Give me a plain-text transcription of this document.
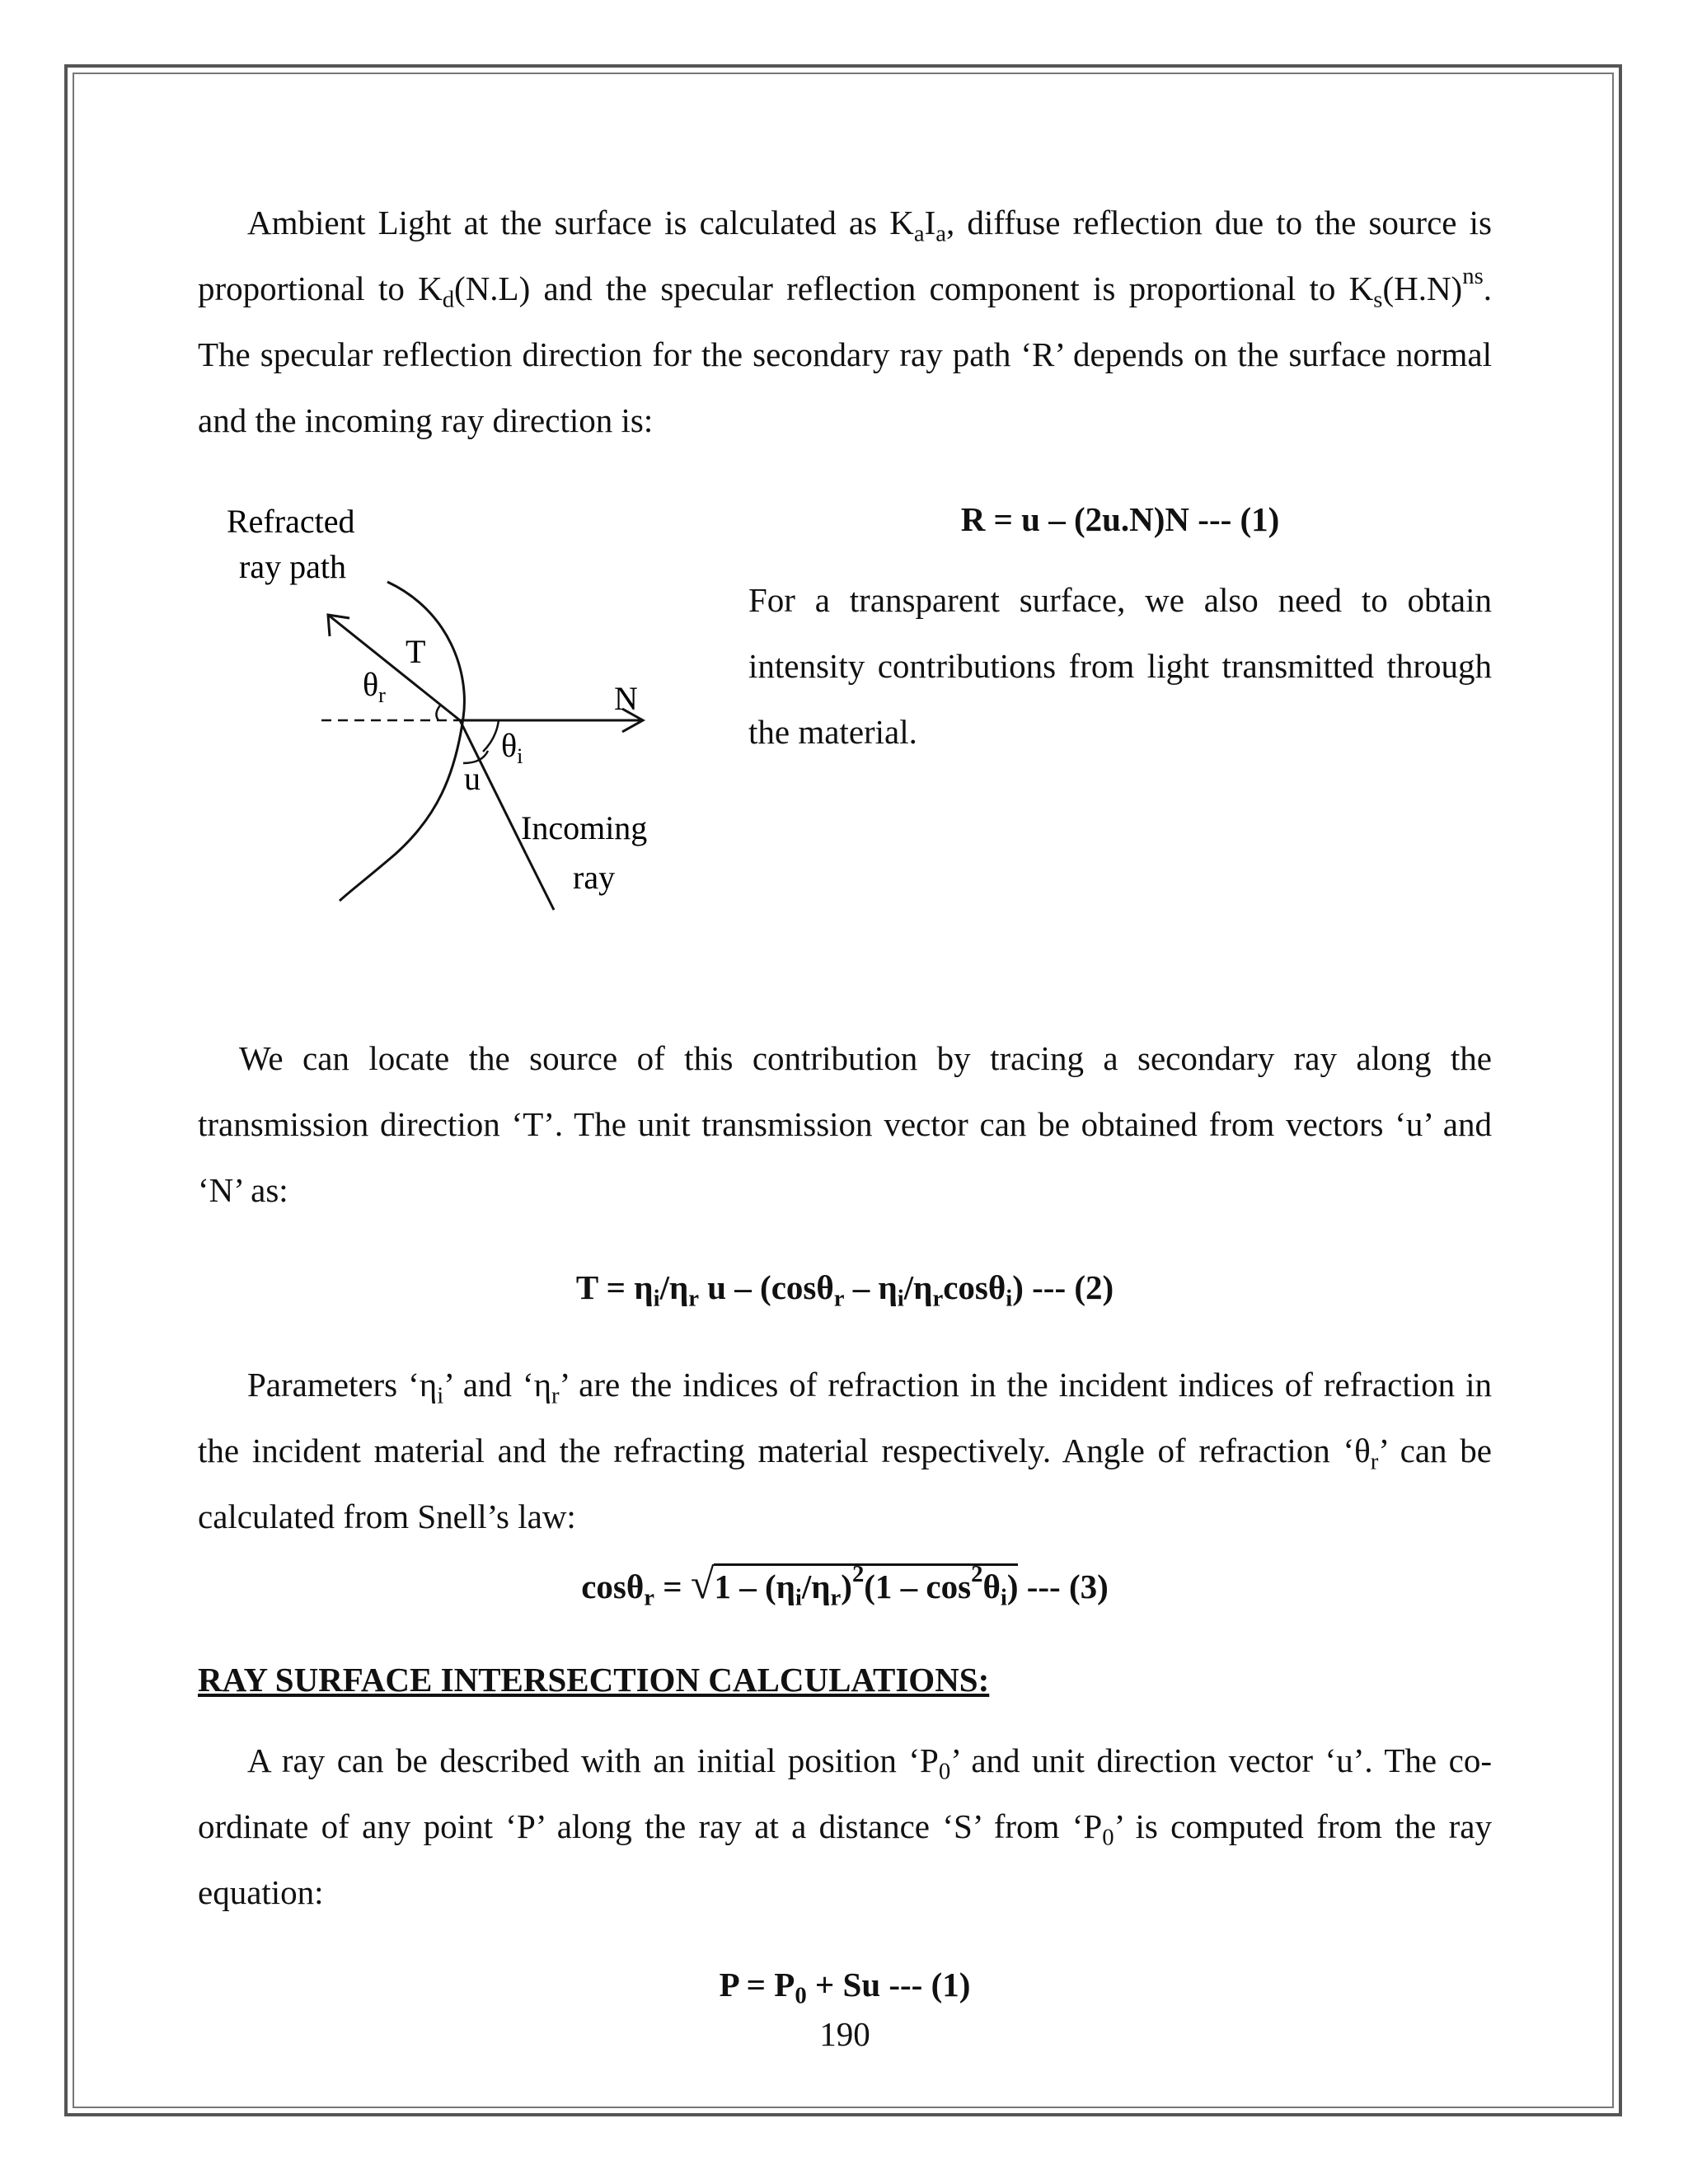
Ambient Light at the surface is calculated as $K_aI_a$, diffuse reflection due to the source is proportional to $K_d(N.L)$ and the specular reflection component is proportional to $K_s(H.N)^{ns}$. The specular reflection direction for the secondary ray path ‘R’ depends on the surface normal and the incoming ray direction is:

Refracted
ray path
T
$\theta_r$	N
$\theta_i$
u
Incoming
ray
R = u – (2u.N)N --- (1)

For a transparent surface, we also need to obtain intensity contributions from light transmitted through the material.

We can locate the source of this contribution by tracing a secondary ray along the transmission direction ‘T’. The unit transmission vector can be obtained from vectors ‘u’ and ‘N’ as:

$T = \eta_i/\eta_r$ u – $(\cos\theta_r - \eta_i/\eta_r\cos\theta_i)$ --- (2)

Parameters ‘$\eta_i$’ and ‘$\eta_r$’ are the indices of refraction in the incident indices of refraction in the incident material and the refracting material respectively. Angle of refraction ‘$\theta_r$’ can be calculated from Snell’s law:

$\cos\theta_r = √1 - (\eta_i/\eta_r)^2(1 - \cos^2\theta_i)$ --- (3)
RAY SURFACE INTERSECTION CALCULATIONS:

A ray can be described with an initial position ‘$P_0$’ and unit direction vector ‘u’. The co-ordinate of any point ‘P’ along the ray at a distance ‘S’ from ‘$P_0$’ is computed from the ray equation:

$P = P_0 + Su$ --- (1)
190
